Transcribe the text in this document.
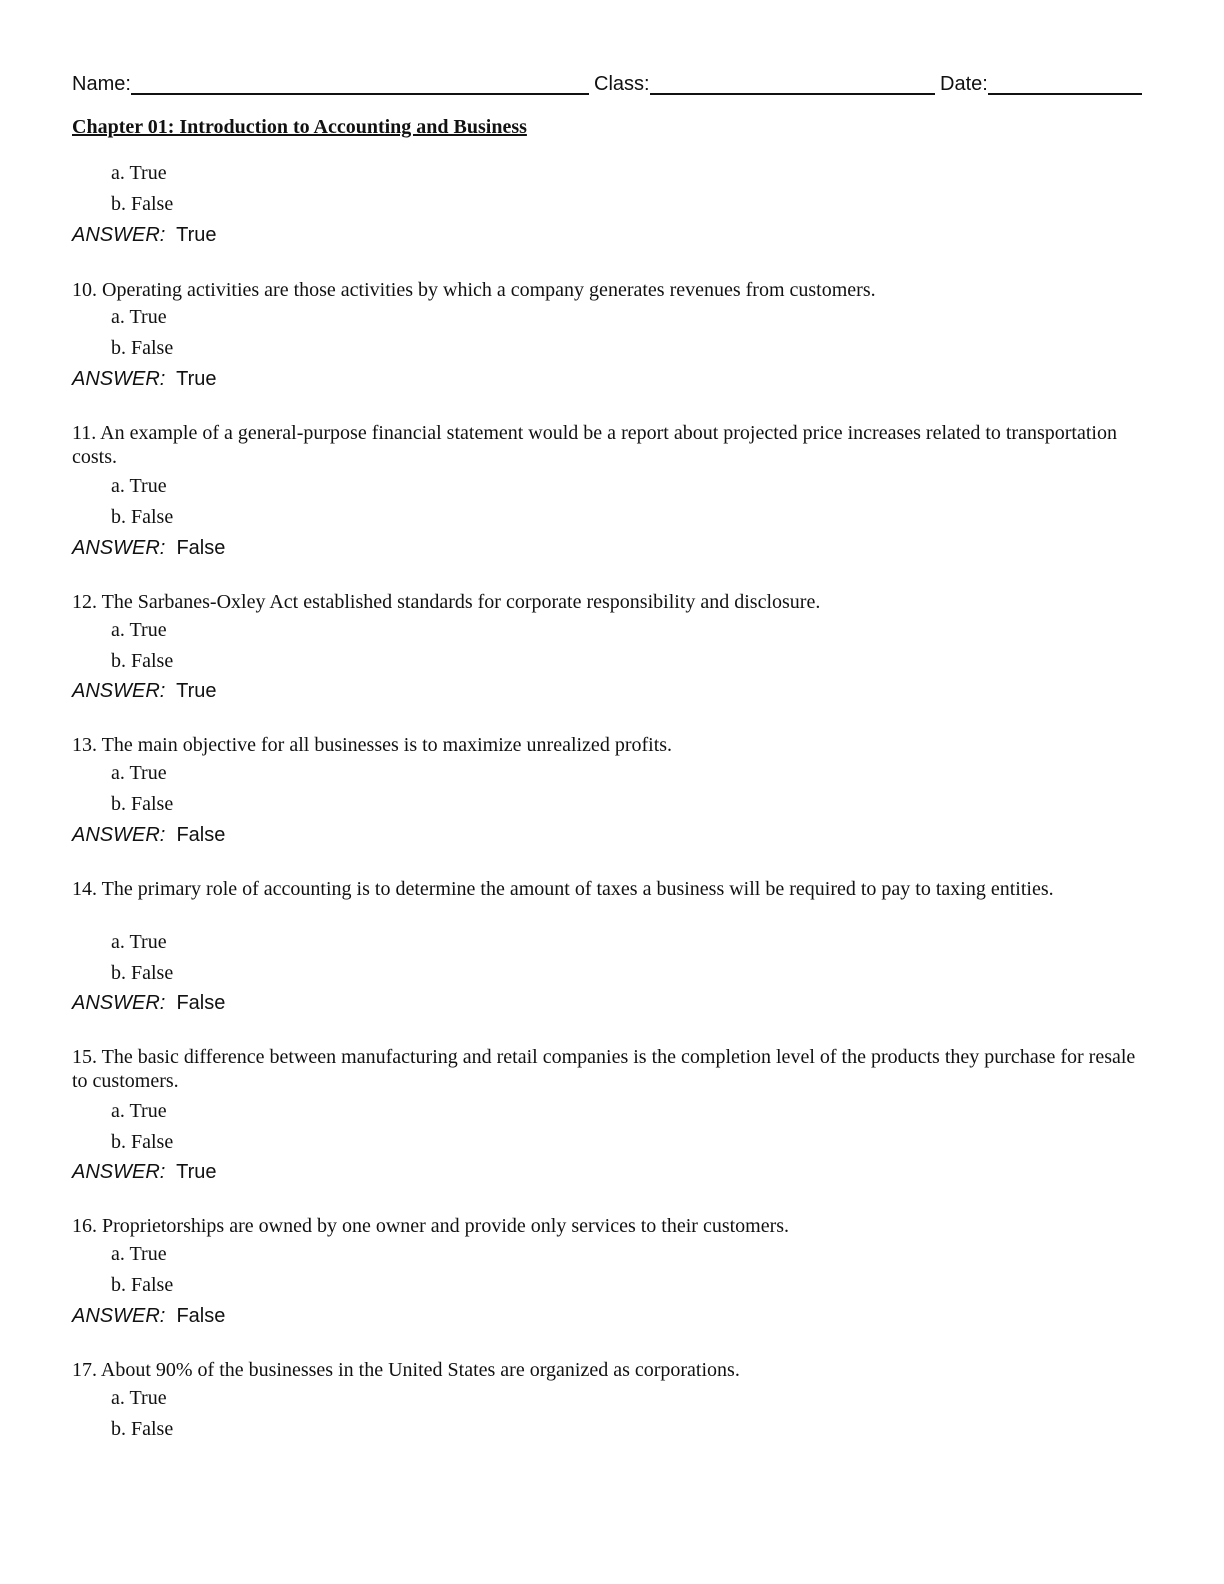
Name:	Class:	Date:
Chapter 01: Introduction to Accounting and Business
a. True
b. False
ANSWER: True
10. Operating activities are those activities by which a company generates revenues from customers.
a. True
b. False
ANSWER: True
11. An example of a general-purpose financial statement would be a report about projected price increases related to transportation costs.
a. True
b. False
ANSWER: False
12. The Sarbanes-Oxley Act established standards for corporate responsibility and disclosure.
a. True
b. False
ANSWER: True
13. The main objective for all businesses is to maximize unrealized profits.
a. True
b. False
ANSWER: False
14. The primary role of accounting is to determine the amount of taxes a business will be required to pay to taxing entities.
a. True
b. False
ANSWER: False
15. The basic difference between manufacturing and retail companies is the completion level of the products they purchase for resale to customers.
a. True
b. False
ANSWER: True
16. Proprietorships are owned by one owner and provide only services to their customers.
a. True
b. False
ANSWER: False
17. About 90% of the businesses in the United States are organized as corporations.
a. True
b. False
